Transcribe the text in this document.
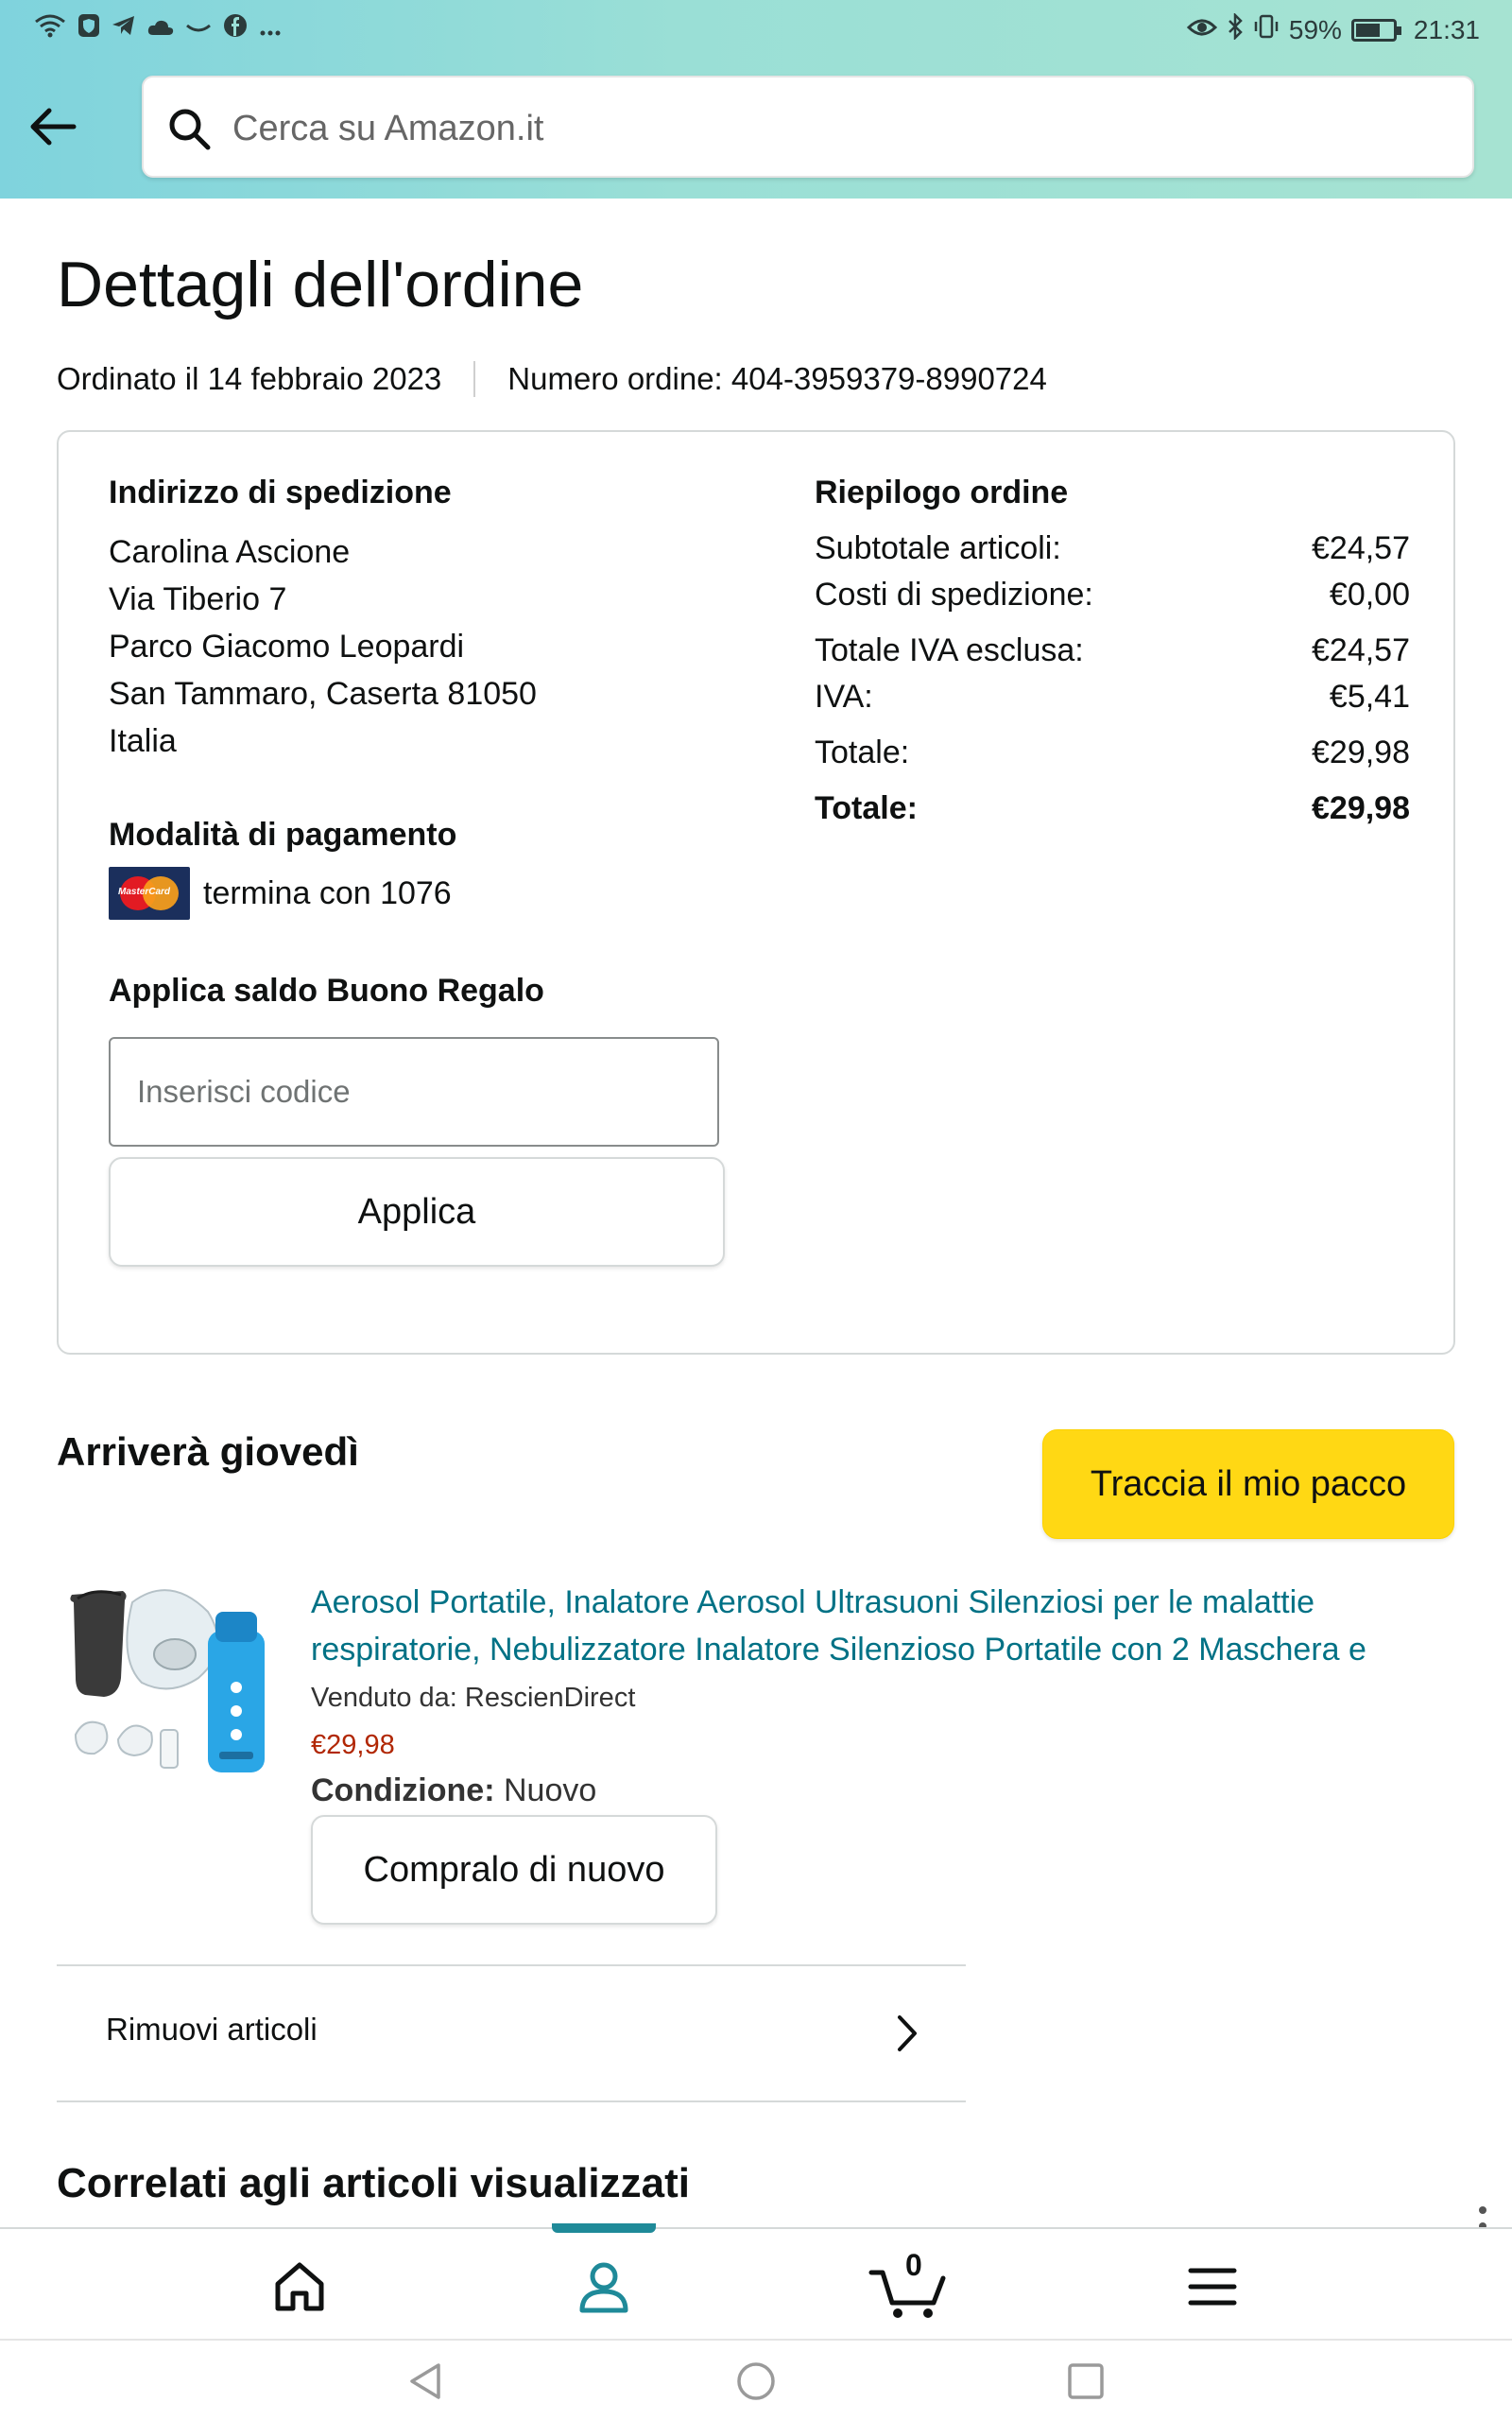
59%	21:31
Cerca su Amazon.it
Dettagli dell'ordine
Ordinato il 14 febbraio 2023 Numero ordine: 404-3959379-8990724
Indirizzo di spedizione
Carolina Ascione
Via Tiberio 7
Parco Giacomo Leopardi
San Tammaro, Caserta 81050
Italia
Modalità di pagamento
MasterCard termina con 1076
Applica saldo Buono Regalo
Inserisci codice
Applica
Riepilogo ordine
Subtotale articoli:	€24,57
Costi di spedizione:	€0,00
Totale IVA esclusa:	€24,57
IVA:	€5,41
Totale:	€29,98
Totale:	€29,98
Arriverà giovedì
Traccia il mio pacco
Aerosol Portatile, Inalatore Aerosol Ultrasuoni Silenziosi per le malattie
respiratorie, Nebulizzatore Inalatore Silenzioso Portatile con 2 Maschera e
Venduto da: RescienDirect
€29,98
Condizione: Nuovo
Compralo di nuovo
Rimuovi articoli
Correlati agli articoli visualizzati
0
